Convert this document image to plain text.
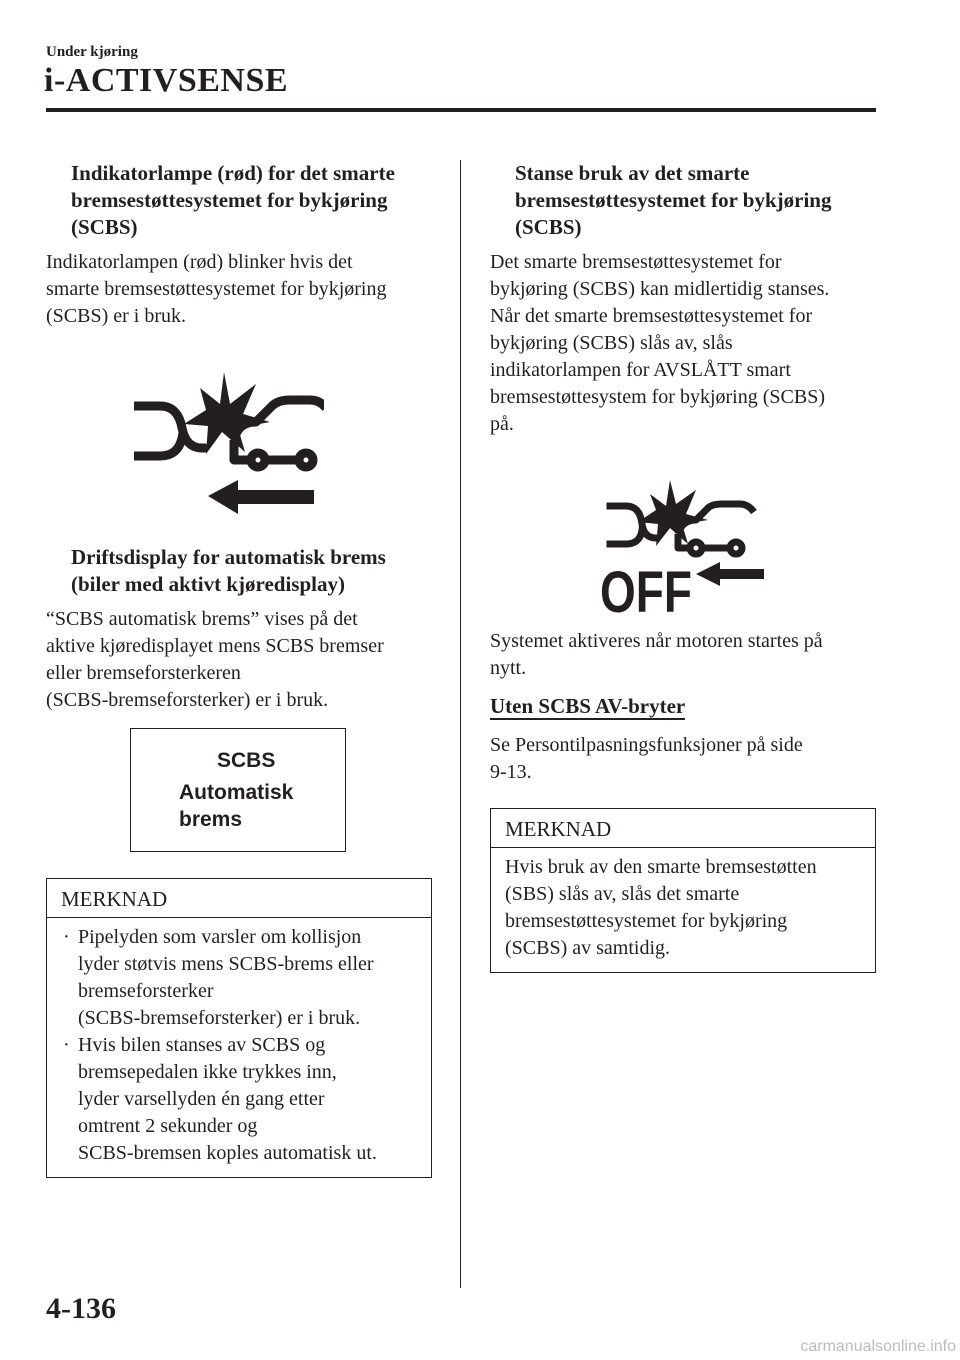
Under kjøring
i-ACTIVSENSE
Indikatorlampe (rød) for det smarte
bremsestøttesystemet for bykjøring
(SCBS)

Indikatorlampen (rød) blinker hvis det
smarte bremsestøttesystemet for bykjøring
(SCBS) er i bruk.

Driftsdisplay for automatisk brems
(biler med aktivt kjøredisplay)

“SCBS automatisk brems” vises på det
aktive kjøredisplayet mens SCBS bremser
eller bremseforsterkeren
(SCBS-bremseforsterker) er i bruk.

SCBS
Automatisk
brems
MERKNAD

· Pipelyden som varsler om kollisjon
lyder støtvis mens SCBS-brems eller
bremseforsterker
(SCBS-bremseforsterker) er i bruk.

· Hvis bilen stanses av SCBS og
bremsepedalen ikke trykkes inn,
lyder varsellyden én gang etter
omtrent 2 sekunder og
SCBS-bremsen koples automatisk ut.

Stanse bruk av det smarte
bremsestøttesystemet for bykjøring
(SCBS)

Det smarte bremsestøttesystemet for
bykjøring (SCBS) kan midlertidig stanses.
Når det smarte bremsestøttesystemet for
bykjøring (SCBS) slås av, slås
indikatorlampen for AVSLÅTT smart
bremsestøttesystem for bykjøring (SCBS)
på.

OFF

Systemet aktiveres når motoren startes på
nytt.

Uten SCBS AV-bryter

Se Persontilpasningsfunksjoner på side
9-13.

MERKNAD

Hvis bruk av den smarte bremsestøtten
(SBS) slås av, slås det smarte
bremsestøttesystemet for bykjøring
(SCBS) av samtidig.

4-136
carmanualsonline.info
